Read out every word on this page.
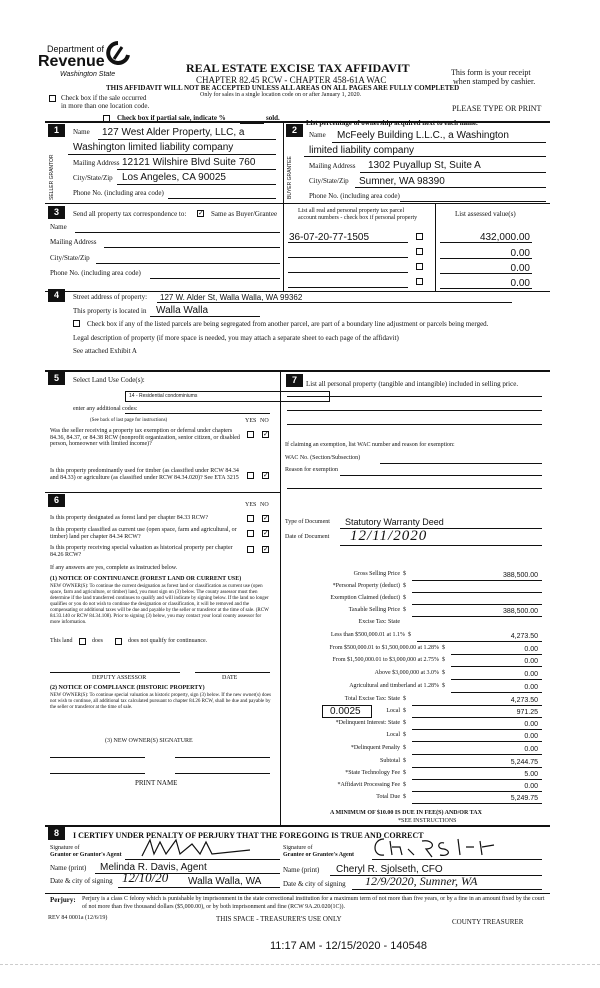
Department of
Revenue
Washington State	REAL ESTATE EXCISE TAX AFFIDAVIT
CHAPTER 82.45 RCW - CHAPTER 458-61A WAC
THIS AFFIDAVIT WILL NOT BE ACCEPTED UNLESS ALL AREAS ON ALL PAGES ARE FULLY COMPLETED
Only for sales in a single location code on or after January 1, 2020.
This form is your receipt
when stamped by cashier.
Check box if the sale occurred
in more than one location code.	PLEASE TYPE OR PRINT
Check box if partial sale, indicate %	sold.
List percentage of ownership acquired next to each name.
1
SELLER GRANTOR
Name 127 West Alder Property, LLC, a
Washington limited liability company
Mailing Address 12121 Wilshire Blvd Suite 760
City/State/Zip Los Angeles, CA 90025
Phone No. (including area code)
2
BUYER GRANTEE
Name McFeely Building L.L.C., a Washington
limited liability company
Mailing Address 1302 Puyallup St, Suite A
City/State/Zip Sumner, WA 98390
Phone No. (including area code)
3	Send all property tax correspondence to: ✓ Same as Buyer/Grantee	List all real and personal property tax parcel
account numbers - check box if personal property	List assessed value(s)
Name
Mailing Address
City/State/Zip
Phone No. (including area code)
36-07-20-77-1505	432,000.00
0.00
0.00
0.00
4	Street address of property: 127 W. Alder St, Walla Walla, WA 99362
This property is located in Walla Walla
Check box if any of the listed parcels are being segregated from another parcel, are part of a boundary line adjustment or parcels being merged.
Legal description of property (if more space is needed, you may attach a separate sheet to each page of the affidavit)
See attached Exhibit A
5	Select Land Use Code(s):
14 - Residential condominiums
enter any additional codes:
(See back of last page for instructions)	YES NO
Was the seller receiving a property tax exemption or deferral under chapters 84.36, 84.37, or 84.38 RCW (nonprofit organization, senior citizen, or disabled person, homeowner with limited income)?
✓
Is this property predominantly used for timber (as classified under RCW 84.34 and 84.33) or agriculture (as classified under RCW 84.34.020)? See ETA 3215	✓
6	YES NO
Is this property designated as forest land per chapter 84.33 RCW?	✓
Is this property classified as current use (open space, farm and agricultural, or timber) land per chapter 84.34 RCW?	✓
Is this property receiving special valuation as historical property per chapter 84.26 RCW?
✓
If any answers are yes, complete as instructed below.
(1) NOTICE OF CONTINUANCE (FOREST LAND OR CURRENT USE)
NEW OWNER(S): To continue the current designation as forest land or classification as current use (open space, farm and agriculture, or timber) land, you must sign on (3) below. The county assessor must then determine if the land transferred continues to qualify and will indicate by signing below. If the land no longer qualifies or you do not wish to continue the designation or classification, it will be removed and the compensating or additional taxes will be due and payable by the seller or transferor at the time of sale. (RCW 84.33.140 or RCW 84.34.108). Prior to signing (3) below, you may contact your local county assessor for more information.
This land	does	does not qualify for continuance.
DEPUTY ASSESSOR	DATE
(2) NOTICE OF COMPLIANCE (HISTORIC PROPERTY)
NEW OWNER(S): To continue special valuation as historic property, sign (3) below. If the new owner(s) does not wish to continue, all additional tax calculated pursuant to chapter 84.26 RCW, shall be due and payable by the seller or transferor at the time of sale.
(3) NEW OWNER(S) SIGNATURE
PRINT NAME
7	List all personal property (tangible and intangible) included in selling price.
If claiming an exemption, list WAC number and reason for exemption:
WAC No. (Section/Subsection)
Reason for exemption
Type of Document Statutory Warranty Deed
Date of Document 12/11/2020
Gross Selling Price $	388,500.00
*Personal Property (deduct) $
Exemption Claimed (deduct) $
Taxable Selling Price $	388,500.00
Excise Tax: State
Less than $500,000.01 at 1.1% $	4,273.50
From $500,000.01 to $1,500,000.00 at 1.28% $	0.00
From $1,500,000.01 to $3,000,000 at 2.75% $	0.00
Above $3,000,000 at 3.0% $	0.00
Agricultural and timberland at 1.28% $	0.00
Total Excise Tax: State $	4,273.50
Local $	971.25
*Delinquent Interest: State $	0.00
Local $	0.00
*Delinquent Penalty $	0.00
Subtotal $	5,244.75
*State Technology Fee $	5.00
*Affidavit Processing Fee $	0.00
Total Due $	5,249.75
0.0025
A MINIMUM OF $10.00 IS DUE IN FEE(S) AND/OR TAX
*SEE INSTRUCTIONS
8	I CERTIFY UNDER PENALTY OF PERJURY THAT THE FOREGOING IS TRUE AND CORRECT
Signature of
Grantor or Grantor's Agent
Name (print) Melinda R. Davis, Agent
Date & city of signing 12/10/20 Walla Walla, WA
Signature of
Grantee or Grantee's Agent
Name (print) Cheryl R. Sjolseth, CFO
Date & city of signing 12/9/2020, Sumner, WA
Perjury: Perjury is a class C felony which is punishable by imprisonment in the state correctional institution for a maximum term of not more than five years, or by a fine in an amount fixed by the court of not more than five thousand dollars ($5,000.00), or by both imprisonment and fine (RCW 9A.20.020(1C)).
REV 84 0001a (12/6/19)	THIS SPACE - TREASURER'S USE ONLY	COUNTY TREASURER
11:17 AM - 12/15/2020 - 140548
